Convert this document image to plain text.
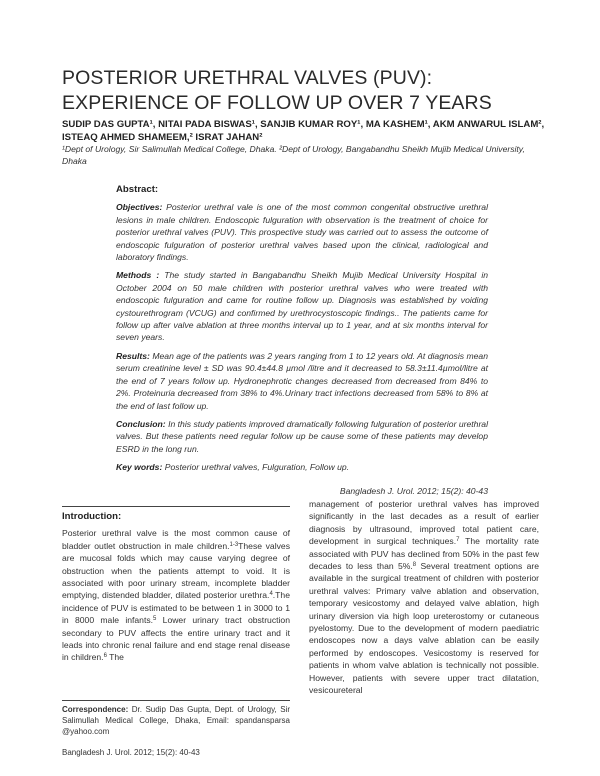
POSTERIOR URETHRAL VALVES (PUV): EXPERIENCE OF FOLLOW UP OVER 7 YEARS
SUDIP DAS GUPTA¹, NITAI PADA BISWAS¹, SANJIB KUMAR ROY¹, MA KASHEM¹, AKM ANWARUL ISLAM², ISTEAQ AHMED SHAMEEM,² ISRAT JAHAN²
¹Dept of Urology, Sir Salimullah Medical College, Dhaka. ²Dept of Urology, Bangabandhu Sheikh Mujib Medical University, Dhaka
Abstract:

Objectives: Posterior urethral vale is one of the most common congenital obstructive urethral lesions in male children. Endoscopic fulguration with observation is the treatment of choice for posterior urethral valves (PUV). This prospective study was carried out to assess the outcome of endoscopic fulguration of posterior urethral valves based upon the clinical, radiological and laboratory findings.

Methods : The study started in Bangabandhu Sheikh Mujib Medical University Hospital in October 2004 on 50 male children with posterior urethral valves who were treated with endoscopic fulguration and came for routine follow up. Diagnosis was established by voiding cystourethrogram (VCUG) and confirmed by urethrocystoscopic findings.. The patients came for follow up after valve ablation at three months interval up to 1 year, and at six months interval for seven years.

Results: Mean age of the patients was 2 years ranging from 1 to 12 years old. At diagnosis mean serum creatinine level ± SD was 90.4±44.8 µmol /litre and it decreased to 58.3±11.4µmol/litre at the end of 7 years follow up. Hydronephrotic changes decreased from decreased from 84% to 2%. Proteinuria decreased from 38% to 4%.Urinary tract infections decreased from 58% to 8% at the end of last follow up.

Conclusion: In this study patients improved dramatically following fulguration of posterior urethral valves. But these patients need regular follow up be cause some of these patients may develop ESRD in the long run.

Key words: Posterior urethral valves, Fulguration, Follow up.

Bangladesh J. Urol. 2012; 15(2): 40-43
Introduction:
Posterior urethral valve is the most common cause of bladder outlet obstruction in male children.$^{1-3}$These valves are mucosal folds which may cause varying degree of obstruction when the patients attempt to void. It is associated with poor urinary stream, incomplete bladder emptying, distended bladder, dilated posterior urethra.$^4$.The incidence of PUV is estimated to be between 1 in 3000 to 1 in 8000 male infants.$^5$ Lower urinary tract obstruction secondary to PUV affects the entire urinary tract and it leads into chronic renal failure and end stage renal disease in children.$^6$ The
management of posterior urethral valves has improved significantly in the last decades as a result of earlier diagnosis by ultrasound, improved total patient care, development in surgical techniques.$^7$ The mortality rate associated with PUV has declined from 50% in the past few decades to less than 5%.$^8$ Several treatment options are available in the surgical treatment of children with posterior urethral valves: Primary valve ablation and observation, temporary vesicostomy and delayed valve ablation, high urinary diversion via high loop ureterostomy or cutaneous pyelostomy. Due to the development of modern paediatric endoscopes now a days valve ablation can be easily performed by endoscopes. Vesicostomy is reserved for patients in whom valve ablation is technically not possible. However, patients with severe upper tract dilatation, vesicoureteral
Correspondence: Dr. Sudip Das Gupta, Dept. of Urology, Sir Salimullah Medical College, Dhaka, Email: spandansparsa @yahoo.com
Bangladesh J. Urol. 2012; 15(2): 40-43
